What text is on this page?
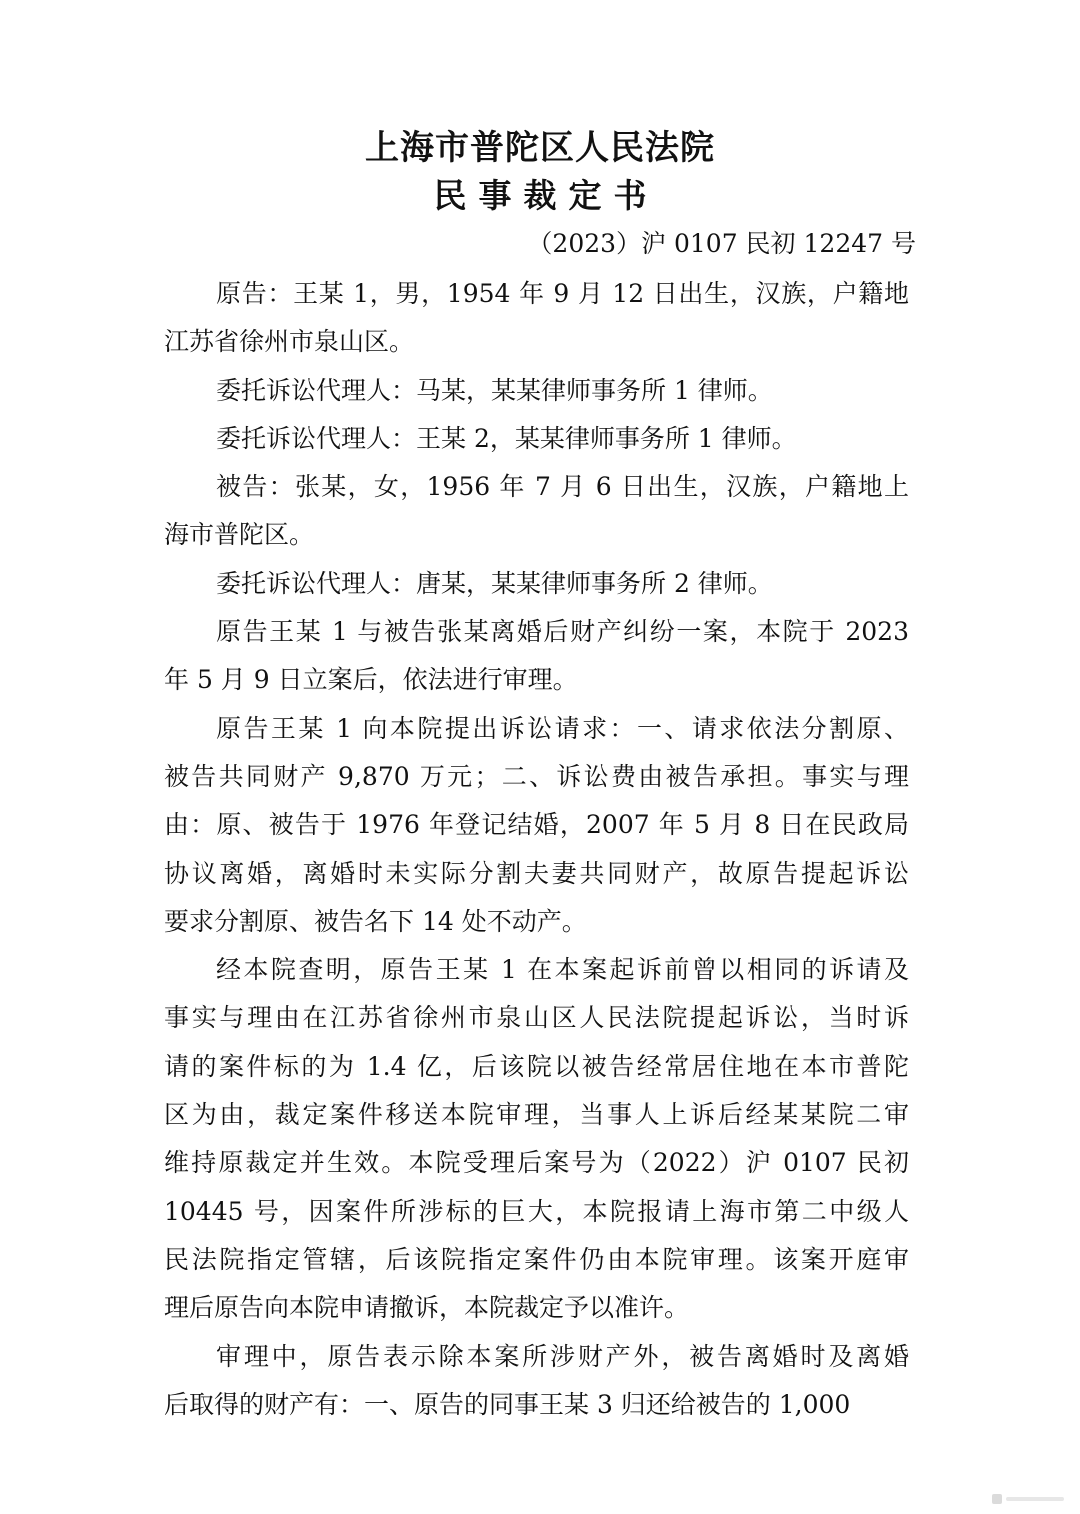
上海市普陀区人民法院
民事裁定书
（2023）沪 0107 民初 12247 号

原告：王某 1，男，1954 年 9 月 12 日出生，汉族，户籍地
江苏省徐州市泉山区。

委托诉讼代理人：马某，某某律师事务所 1 律师。

委托诉讼代理人：王某 2，某某律师事务所 1 律师。

被告：张某，女，1956 年 7 月 6 日出生，汉族，户籍地上
海市普陀区。

委托诉讼代理人：唐某，某某律师事务所 2 律师。

原告王某 1 与被告张某离婚后财产纠纷一案，本院于 2023
年 5 月 9 日立案后，依法进行审理。

原告王某 1 向本院提出诉讼请求：一、请求依法分割原、
被告共同财产 9,870 万元；二、诉讼费由被告承担。事实与理
由：原、被告于 1976 年登记结婚，2007 年 5 月 8 日在民政局
协议离婚，离婚时未实际分割夫妻共同财产，故原告提起诉讼
要求分割原、被告名下 14 处不动产。

经本院查明，原告王某 1 在本案起诉前曾以相同的诉请及
事实与理由在江苏省徐州市泉山区人民法院提起诉讼，当时诉
请的案件标的为 1.4 亿，后该院以被告经常居住地在本市普陀
区为由，裁定案件移送本院审理，当事人上诉后经某某院二审
维持原裁定并生效。本院受理后案号为（2022）沪 0107 民初
10445 号，因案件所涉标的巨大，本院报请上海市第二中级人
民法院指定管辖，后该院指定案件仍由本院审理。该案开庭审
理后原告向本院申请撤诉，本院裁定予以准许。

审理中，原告表示除本案所涉财产外，被告离婚时及离婚
后取得的财产有：一、原告的同事王某 3 归还给被告的 1,000
